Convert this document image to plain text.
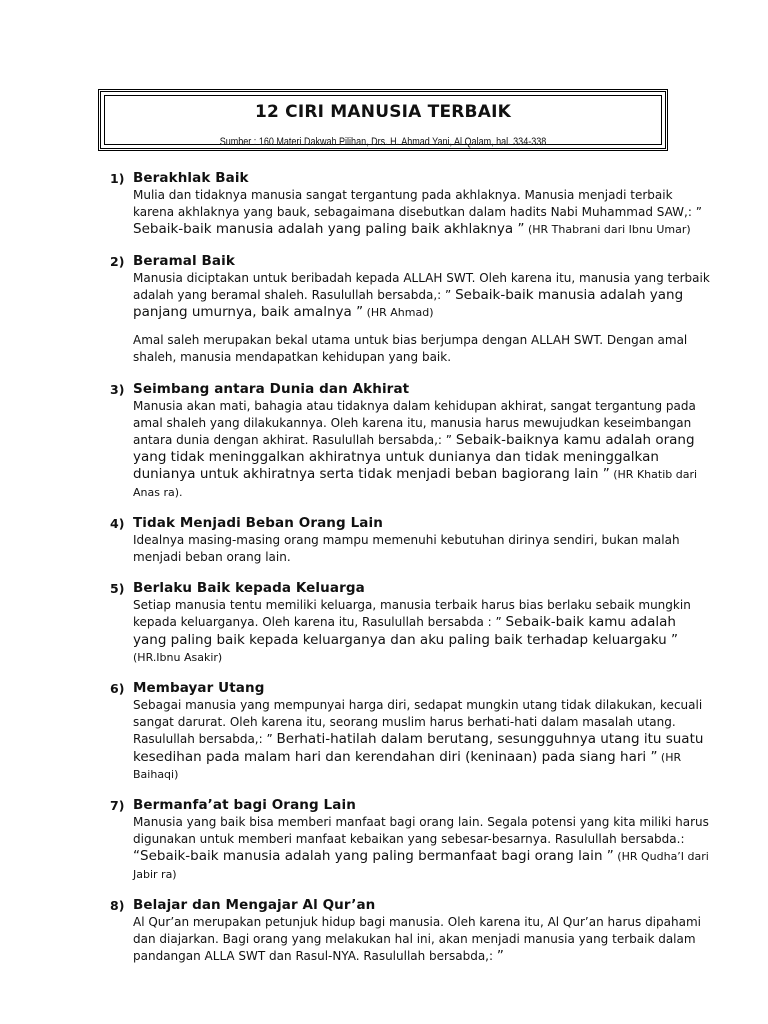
12 CIRI MANUSIA TERBAIK
Sumber : 160 Materi Dakwah Pilihan, Drs. H. Ahmad Yani, Al Qalam, hal. 334-338
1) Berakhlak Baik

Mulia dan tidaknya manusia sangat tergantung pada akhlaknya. Manusia menjadi terbaik karena akhlaknya yang bauk, sebagaimana disebutkan dalam hadits Nabi Muhammad SAW,: ” Sebaik-baik manusia adalah yang paling baik akhlaknya ” (HR Thabrani dari Ibnu Umar)

2) Beramal Baik

Manusia diciptakan untuk beribadah kepada ALLAH SWT. Oleh karena itu, manusia yang terbaik adalah yang beramal shaleh. Rasulullah bersabda,: ” Sebaik-baik manusia adalah yang panjang umurnya, baik amalnya ” (HR Ahmad)

Amal saleh merupakan bekal utama untuk bias berjumpa dengan ALLAH SWT. Dengan amal shaleh, manusia mendapatkan kehidupan yang baik.

3) Seimbang antara Dunia dan Akhirat

Manusia akan mati, bahagia atau tidaknya dalam kehidupan akhirat, sangat tergantung pada amal shaleh yang dilakukannya. Oleh karena itu, manusia harus mewujudkan keseimbangan antara dunia dengan akhirat. Rasulullah bersabda,: ” Sebaik-baiknya kamu adalah orang yang tidak meninggalkan akhiratnya untuk dunianya dan tidak meninggalkan dunianya untuk akhiratnya serta tidak menjadi beban bagiorang lain ” (HR Khatib dari Anas ra).

4) Tidak Menjadi Beban Orang Lain

Idealnya masing-masing orang mampu memenuhi kebutuhan dirinya sendiri, bukan malah menjadi beban orang lain.

5) Berlaku Baik kepada Keluarga

Setiap manusia tentu memiliki keluarga, manusia terbaik harus bias berlaku sebaik mungkin kepada keluarganya. Oleh karena itu, Rasulullah bersabda : ” Sebaik-baik kamu adalah yang paling baik kepada keluarganya dan aku paling baik terhadap keluargaku ” (HR.Ibnu Asakir)

6) Membayar Utang

Sebagai manusia yang mempunyai harga diri, sedapat mungkin utang tidak dilakukan, kecuali sangat darurat. Oleh karena itu, seorang muslim harus berhati-hati dalam masalah utang. Rasulullah bersabda,: ” Berhati-hatilah dalam berutang, sesungguhnya utang itu suatu kesedihan pada malam hari dan kerendahan diri (keninaan) pada siang hari ” (HR Baihaqi)

7) Bermanfa’at bagi Orang Lain

Manusia yang baik bisa memberi manfaat bagi orang lain. Segala potensi yang kita miliki harus digunakan untuk memberi manfaat kebaikan yang sebesar-besarnya. Rasulullah bersabda.: “Sebaik-baik manusia adalah yang paling bermanfaat bagi orang lain ” (HR Qudha’I dari Jabir ra)

8) Belajar dan Mengajar Al Qur’an

Al Qur’an merupakan petunjuk hidup bagi manusia. Oleh karena itu, Al Qur’an harus dipahami dan diajarkan. Bagi orang yang melakukan hal ini, akan menjadi manusia yang terbaik dalam pandangan ALLA SWT dan Rasul-NYA. Rasulullah bersabda,: ”
